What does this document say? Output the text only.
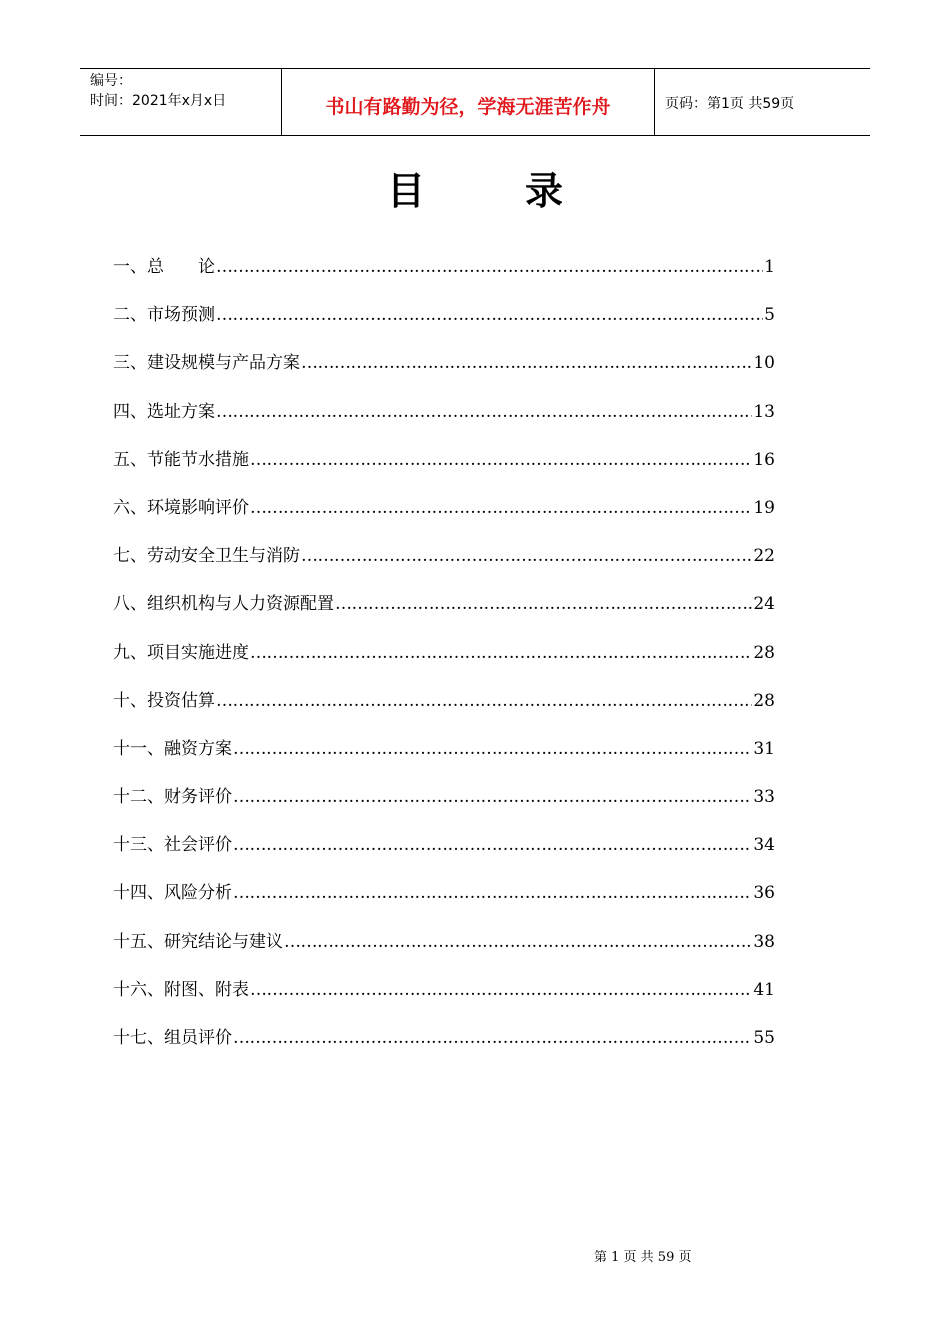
编号：
时间：2021年x月x日	书山有路勤为径，学海无涯苦作舟	页码：第1页 共59页
目	录
一、总　　论 ……………………………………………………………………………………………………………………………………………………………………	1
二、市场预测 ……………………………………………………………………………………………………………………………………………………………………	5
三、建设规模与产品方案 ……………………………………………………………………………………………………………………………………………………………………	10
四、选址方案 ……………………………………………………………………………………………………………………………………………………………………	13
五、节能节水措施 ……………………………………………………………………………………………………………………………………………………………………	16
六、环境影响评价 ……………………………………………………………………………………………………………………………………………………………………	19
七、劳动安全卫生与消防 ……………………………………………………………………………………………………………………………………………………………………	22
八、组织机构与人力资源配置 ……………………………………………………………………………………………………………………………………………………………………	24
九、项目实施进度 ……………………………………………………………………………………………………………………………………………………………………	28
十、投资估算 ……………………………………………………………………………………………………………………………………………………………………	28
十一、融资方案 ……………………………………………………………………………………………………………………………………………………………………	31
十二、财务评价 ……………………………………………………………………………………………………………………………………………………………………	33
十三、社会评价 ……………………………………………………………………………………………………………………………………………………………………	34
十四、风险分析 ……………………………………………………………………………………………………………………………………………………………………	36
十五、研究结论与建议 ……………………………………………………………………………………………………………………………………………………………………	38
十六、附图、附表 ……………………………………………………………………………………………………………………………………………………………………	41
十七、组员评价 ……………………………………………………………………………………………………………………………………………………………………	55
第 1 页 共 59 页
